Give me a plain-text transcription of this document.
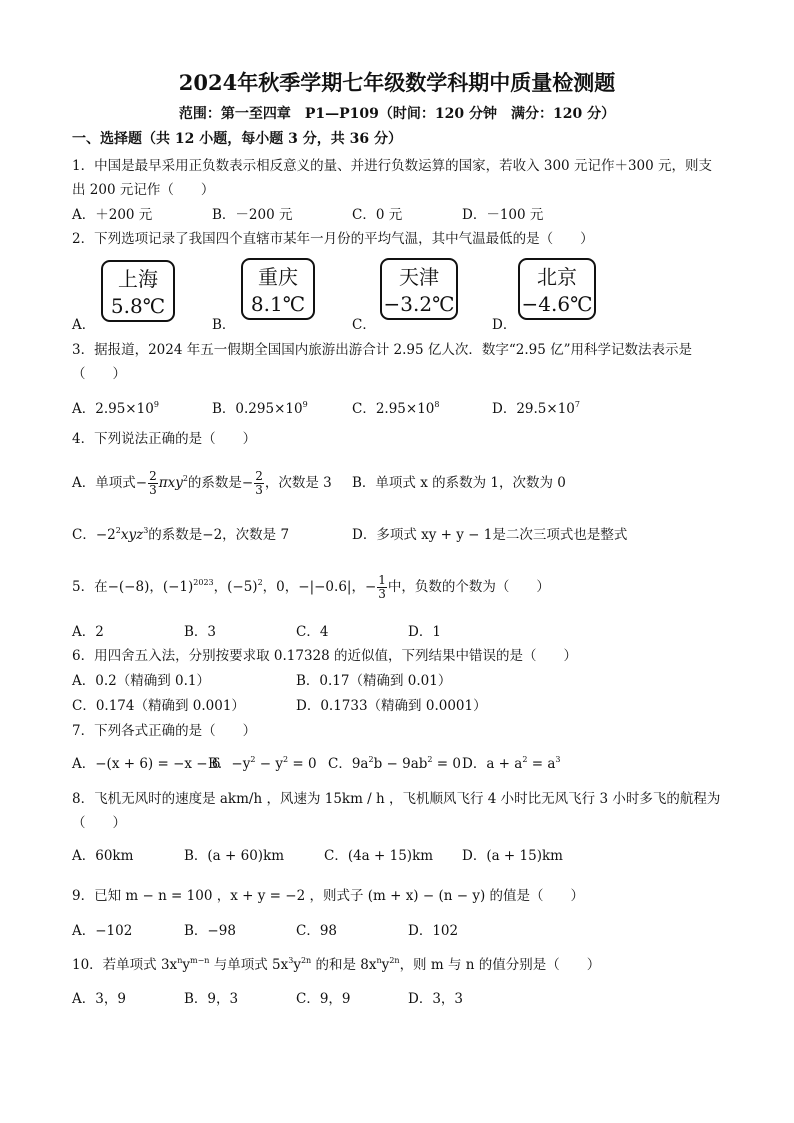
2024年秋季学期七年级数学科期中质量检测题
范围：第一至四章　P1—P109（时间：120 分钟　满分：120 分）
一、选择题（共 12 小题，每小题 3 分，共 36 分）
1．中国是最早采用正负数表示相反意义的量、并进行负数运算的国家，若收入 300 元记作＋300 元，则支
出 200 元记作（　　）
A．＋200 元	B．－200 元	C．0 元	D．－100 元
2．下列选项记录了我国四个直辖市某年一月份的平均气温，其中气温最低的是（　　）
A．
上海
5.8℃
B．
重庆
8.1℃
C．
天津
−3.2℃
D．
北京
−4.6℃
3．据报道，2024 年五一假期全国国内旅游出游合计 2.95 亿人次．数字“2.95 亿”用科学记数法表示是
（　　）
A．$2.95\times 10^9$	B．$0.295\times 10^9$	C．$2.95\times 10^8$	D．$29.5\times 10^7$
4．下列说法正确的是（　　）
A．单项式− $\frac{2}{3} \pi xy^2$的系数是− $\frac{2}{3}$ ，次数是 3 B．单项式 x 的系数为 1，次数为 0
C．$-2^2xyz^3$的系数是−2，次数是 7	D．多项式 xy + y − 1是二次三项式也是整式
5．在−(−8)，$(-1)^{2023}$，$(-5)^2$，0，−|−0.6|，− $\frac{1}{3}$ 中，负数的个数为（　　）
A．2	B．3	C．4	D．1
6．用四舍五入法，分别按要求取 0.17328 的近似值，下列结果中错误的是（　　）
A．0.2（精确到 0.1）	B．0.17（精确到 0.01）
C．0.174（精确到 0.001）	D．0.1733（精确到 0.0001）
7．下列各式正确的是（　　）
A．−(x + 6) = −x − 6
B．$-y^2 - y^2 = 0$ C．$9a^2b - 9ab^2 = 0$ D．$a + a^2 = a^3$
8．飞机无风时的速度是 akm/h ，风速为 15km / h ，飞机顺风飞行 4 小时比无风飞行 3 小时多飞的航程为
（　　）
A．60km	B．(a + 60)km	C．(4a + 15)km D．(a + 15)km
9．已知 m − n = 100 ，x + y = −2 ，则式子 (m + x) − (n − y) 的值是（　　）
A．−102	B．−98	C．98	D．102
10．若单项式 $3x^ny^{m-n}$ 与单项式 $5x^3y^{2n}$ 的和是 $8x^ny^{2n}$，则 m 与 n 的值分别是（　　）
A．3，9	B．9，3	C．9，9	D．3，3
